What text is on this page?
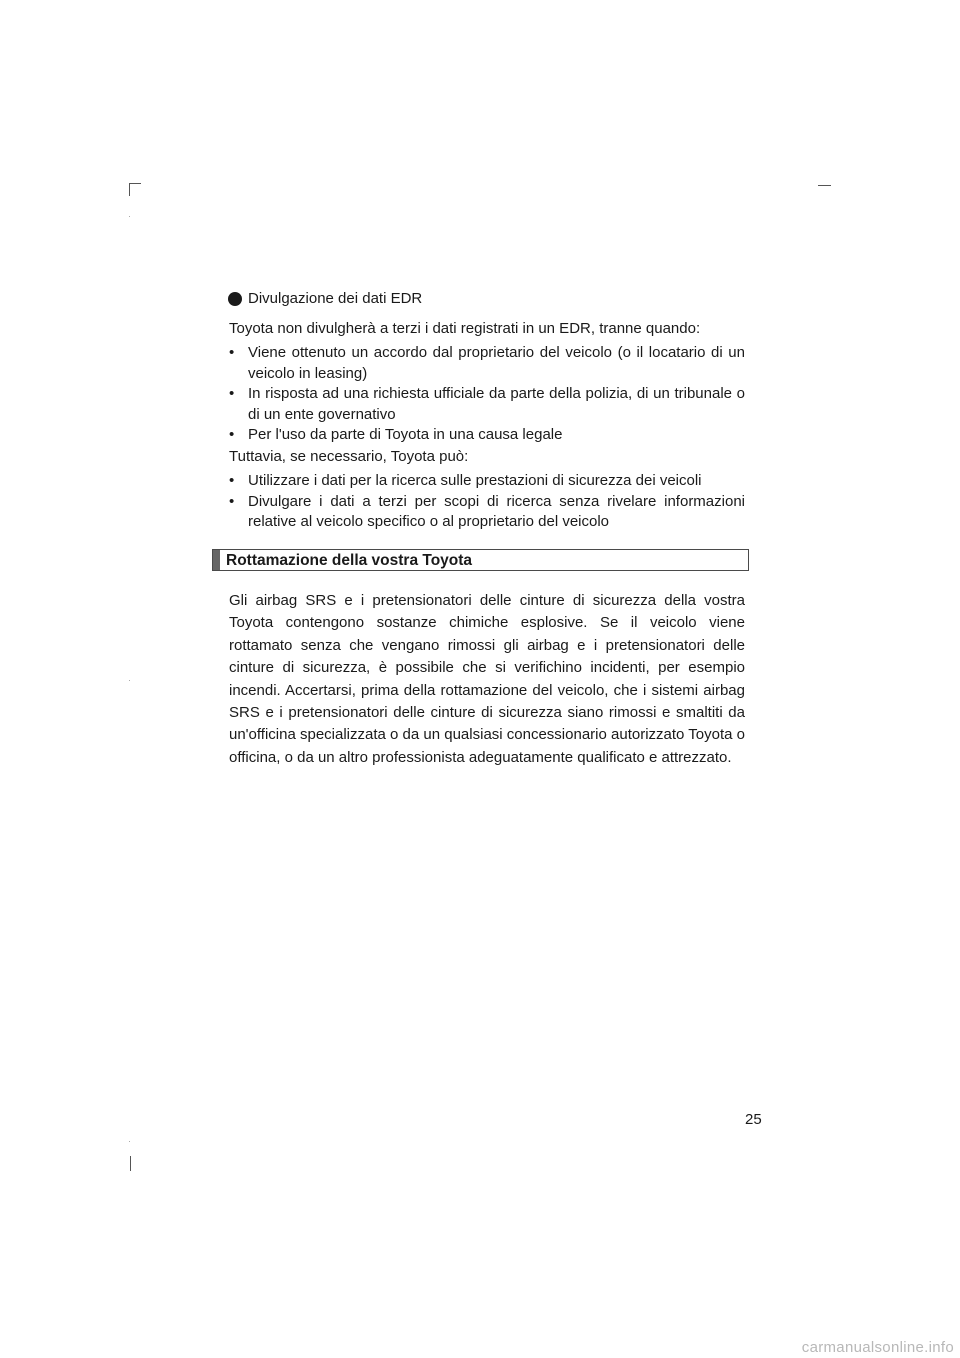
Divulgazione dei dati EDR

Toyota non divulgherà a terzi i dati registrati in un EDR, tranne quando:

• Viene ottenuto un accordo dal proprietario del veicolo (o il locatario di un veicolo in leasing)
• In risposta ad una richiesta ufficiale da parte della polizia, di un tribunale o di un ente governativo
• Per l'uso da parte di Toyota in una causa legale

Tuttavia, se necessario, Toyota può:

• Utilizzare i dati per la ricerca sulle prestazioni di sicurezza dei veicoli
• Divulgare i dati a terzi per scopi di ricerca senza rivelare informazioni relative al veicolo specifico o al proprietario del veicolo
Rottamazione della vostra Toyota
Gli airbag SRS e i pretensionatori delle cinture di sicurezza della vostra Toyota contengono sostanze chimiche esplosive. Se il veicolo viene rottamato senza che vengano rimossi gli airbag e i pretensionatori delle cinture di sicurezza, è possibile che si verifichino incidenti, per esempio incendi. Accertarsi, prima della rottamazione del veicolo, che i sistemi airbag SRS e i pretensionatori delle cinture di sicurezza siano rimossi e smaltiti da un'officina specializzata o da un qualsiasi concessionario autorizzato Toyota o officina, o da un altro professionista adeguatamente qualificato e attrezzato.
25
carmanualsonline.info
